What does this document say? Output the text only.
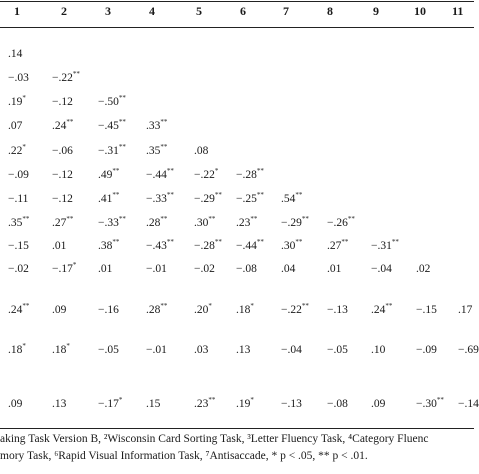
1	2	3	4	5	6	7	8	9	10 11
.14
−.03 −.22**
.19* −.12 −.50**
.07	.24** −.45** .33**
.22* −.06 −.31** .35** .08
−.09 −.12 .49** −.44** −.22* −.28**
−.11 −.12 .41** −.33** −.29** −.25** .54**
.35** .27** −.33** .28** .30** .23** −.29** −.26**
−.15 .01	.38** −.43** −.28** −.44** .30** .27** −.31**
−.02 −.17* .01	−.01 −.02 −.08 .04	.01	−.04 .02
.24** .09	−.16 .28** .20* .18* −.22** −.13 .24** −.15 .17
.18* .18* −.05 −.01 .03 .13	−.04 −.05 .10	−.09 −.69
.09	.13	−.17* .15	.23** .19* −.13 −.08 .09	−.30** −.14
aking Task Version B, ²Wisconsin Card Sorting Task, ³Letter Fluency Task, ⁴Category Fluenc
mory Task, ⁶Rapid Visual Information Task, ⁷Antisaccade, * p < .05, ** p < .01.
